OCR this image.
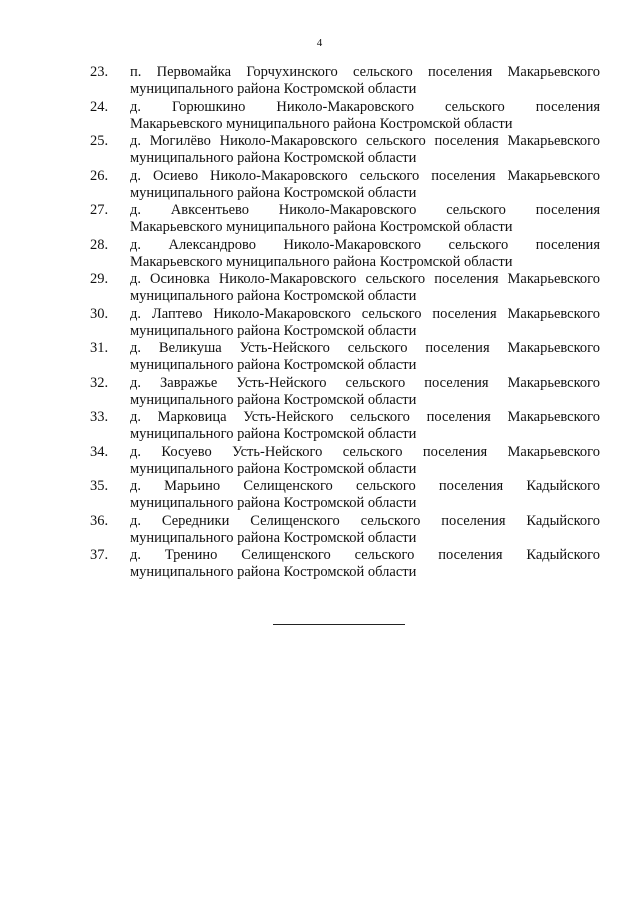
4
23.	п. Первомайка Горчухинского сельского поселения Макарьевского
муниципального района Костромской области
24.	д. Горюшкино Николо-Макаровского сельского поселения
Макарьевского муниципального района Костромской области
25.	д. Могилёво Николо-Макаровского сельского поселения Макарьевского
муниципального района Костромской области
26.	д. Осиево Николо-Макаровского сельского поселения Макарьевского
муниципального района Костромской области
27.	д. Авксентьево Николо-Макаровского сельского поселения
Макарьевского муниципального района Костромской области
28.	д. Александрово Николо-Макаровского сельского поселения
Макарьевского муниципального района Костромской области
29.	д. Осиновка Николо-Макаровского сельского поселения Макарьевского
муниципального района Костромской области
30.	д. Лаптево Николо-Макаровского сельского поселения Макарьевского
муниципального района Костромской области
31.	д. Великуша Усть-Нейского сельского поселения Макарьевского
муниципального района Костромской области
32.	д. Завражье Усть-Нейского сельского поселения Макарьевского
муниципального района Костромской области
33.	д. Марковица Усть-Нейского сельского поселения Макарьевского
муниципального района Костромской области
34.	д. Косуево Усть-Нейского сельского поселения Макарьевского
муниципального района Костромской области
35.	д. Марьино Селищенского сельского поселения Кадыйского
муниципального района Костромской области
36.	д. Середники Селищенского сельского поселения Кадыйского
муниципального района Костромской области
37.	д. Тренино Селищенского сельского поселения Кадыйского
муниципального района Костромской области
